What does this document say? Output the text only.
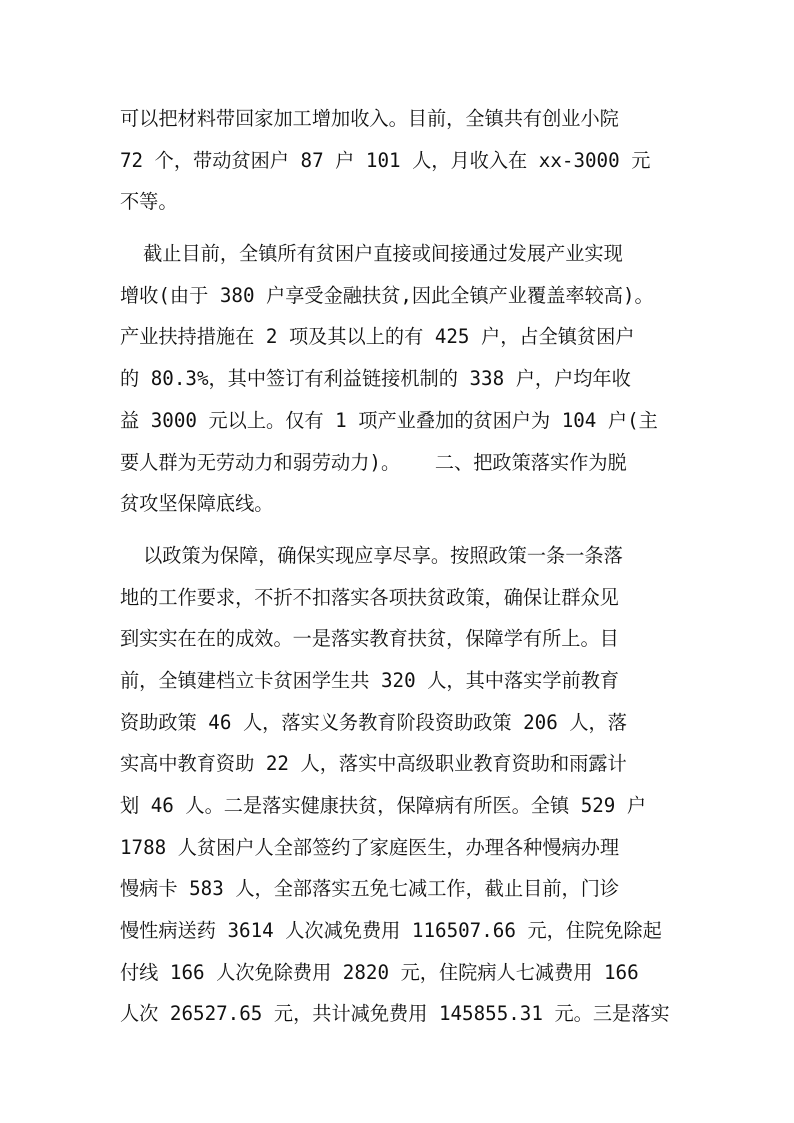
可以把材料带回家加工增加收入。目前，全镇共有创业小院
72 个，带动贫困户 87 户 101 人，月收入在 xx-3000 元
不等。
截止目前，全镇所有贫困户直接或间接通过发展产业实现
增收(由于 380 户享受金融扶贫,因此全镇产业覆盖率较高)。
产业扶持措施在 2 项及其以上的有 425 户，占全镇贫困户
的 80.3%，其中签订有利益链接机制的 338 户，户均年收
益 3000 元以上。仅有 1 项产业叠加的贫困户为 104 户(主
要人群为无劳动力和弱劳动力)。   二、把政策落实作为脱
贫攻坚保障底线。
以政策为保障，确保实现应享尽享。按照政策一条一条落
地的工作要求，不折不扣落实各项扶贫政策，确保让群众见
到实实在在的成效。一是落实教育扶贫，保障学有所上。目
前，全镇建档立卡贫困学生共 320 人，其中落实学前教育
资助政策 46 人，落实义务教育阶段资助政策 206 人，落
实高中教育资助 22 人，落实中高级职业教育资助和雨露计
划 46 人。二是落实健康扶贫，保障病有所医。全镇 529 户
1788 人贫困户人全部签约了家庭医生，办理各种慢病办理
慢病卡 583 人，全部落实五免七减工作，截止目前，门诊
慢性病送药 3614 人次减免费用 116507.66 元，住院免除起
付线 166 人次免除费用 2820 元，住院病人七减费用 166
人次 26527.65 元，共计减免费用 145855.31 元。三是落实
